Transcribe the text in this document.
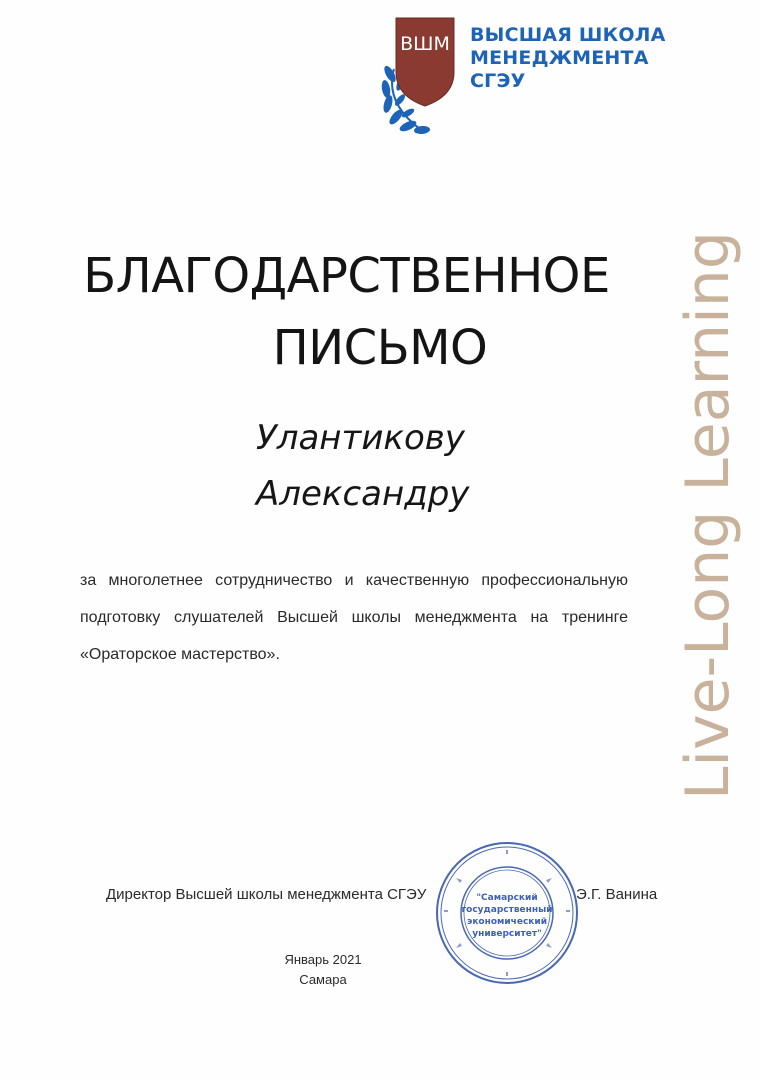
ВШМ ВЫСШАЯ ШКОЛА
МЕНЕДЖМЕНТА
СГЭУ
Live-Long Learning
БЛАГОДАРСТВЕННОЕ
ПИСЬМО
Улантикову
Александру
за многолетнее сотрудничество и качественную профессиональную подготовку слушателей Высшей школы менеджмента на тренинге «Ораторское мастерство».
"Самарский
государственный
экономический
университет"
Директор Высшей школы менеджмента СГЭУ	Э.Г. Ванина
Январь 2021
Самара
